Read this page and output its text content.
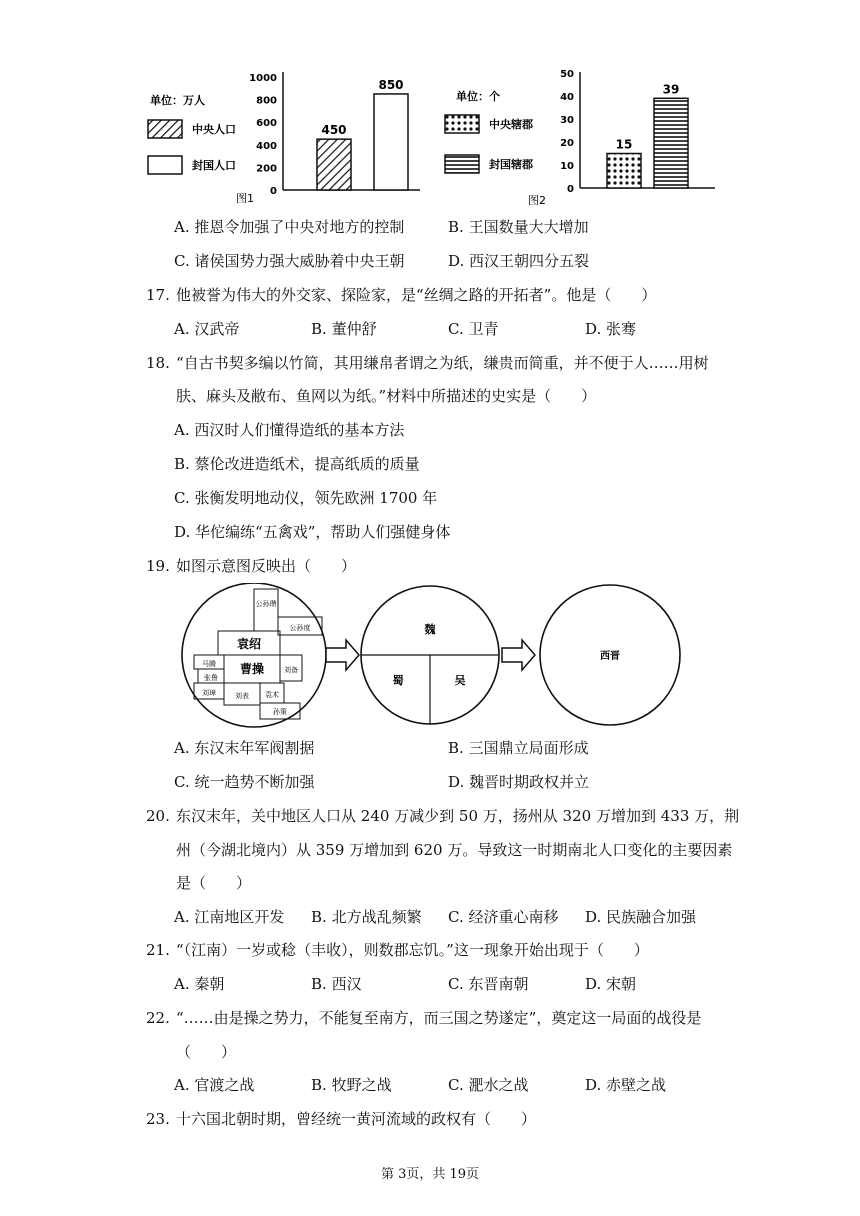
单位：万人
中央人口
封国人口
1000
800
600
400
200
0
450
850
图1
单位：个
中央辖郡
封国辖郡
50
40
30
20
10
0
15
39
图2
A. 推恩令加强了中央对地方的控制	B. 王国数量大大增加
C. 诸侯国势力强大威胁着中央王朝	D. 西汉王朝四分五裂
17. 他被誉为伟大的外交家、探险家，是“丝绸之路的开拓者”。他是（　　）
A. 汉武帝	B. 董仲舒	C. 卫青	D. 张骞
18. “自古书契多编以竹简，其用缣帛者谓之为纸，缣贵而简重，并不便于人……用树
肤、麻头及敝布、鱼网以为纸。”材料中所描述的史实是（　　）
A. 西汉时人们懂得造纸的基本方法
B. 蔡伦改进造纸术，提高纸质的质量
C. 张衡发明地动仪，领先欧洲 1700 年
D. 华佗编练“五禽戏”，帮助人们强健身体
19. 如图示意图反映出（　　）
公孙瓒
公孙度
袁绍
马腾 曹操	刘备
张鲁
刘璋	刘表 袁术
孙策
魏
蜀	吴
西晋
A. 东汉末年军阀割据	B. 三国鼎立局面形成
C. 统一趋势不断加强	D. 魏晋时期政权并立
20. 东汉末年，关中地区人口从 240 万减少到 50 万，扬州从 320 万增加到 433 万，荆
州（今湖北境内）从 359 万增加到 620 万。导致这一时期南北人口变化的主要因素
是（　　）
A. 江南地区开发 B. 北方战乱频繁 C. 经济重心南移 D. 民族融合加强
21. “（江南）一岁或稔（丰收），则数郡忘饥。”这一现象开始出现于（　　）
A. 秦朝	B. 西汉	C. 东晋南朝	D. 宋朝
22. “……由是操之势力，不能复至南方，而三国之势遂定”，奠定这一局面的战役是
（　　）
A. 官渡之战	B. 牧野之战	C. 淝水之战	D. 赤壁之战
23. 十六国北朝时期，曾经统一黄河流域的政权有（　　）
第 3页，共 19页
